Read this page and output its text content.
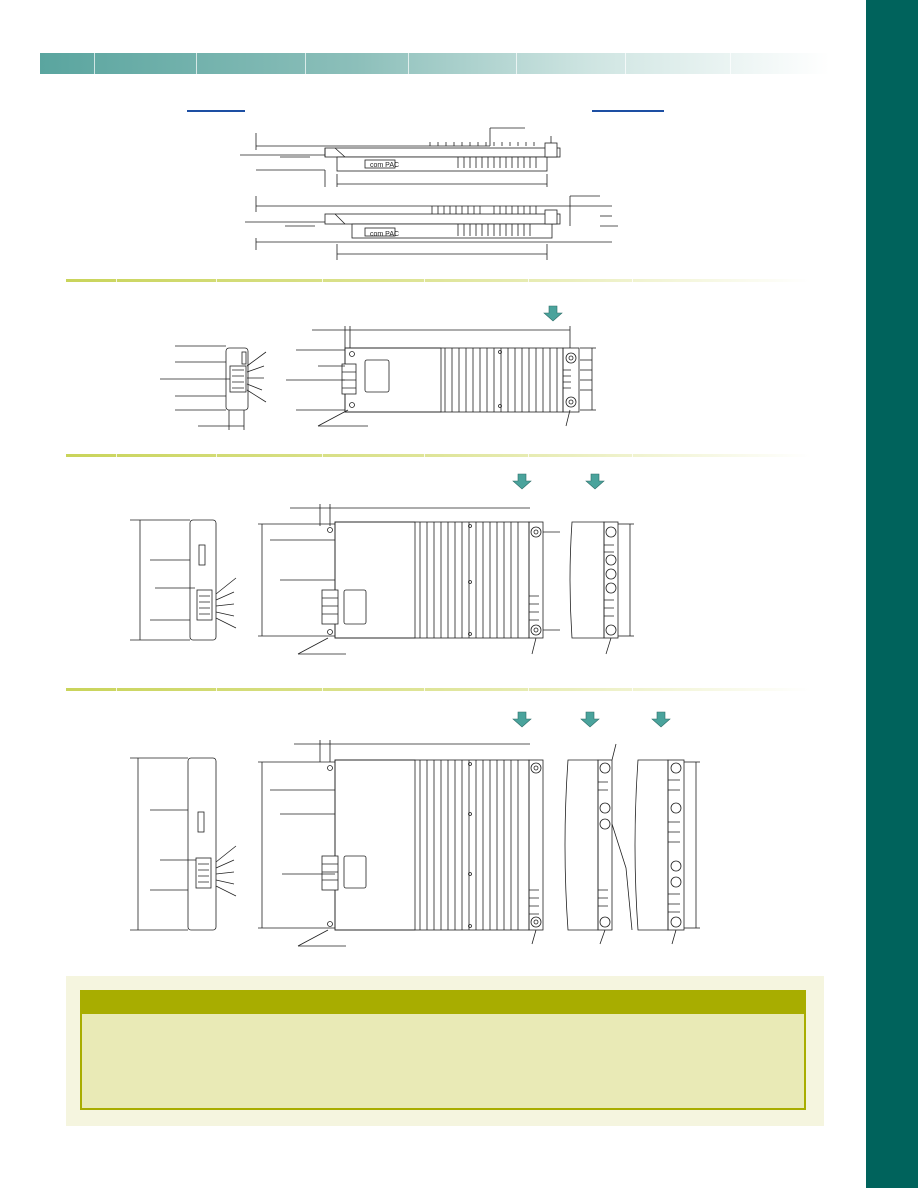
com PAC
com PAC
